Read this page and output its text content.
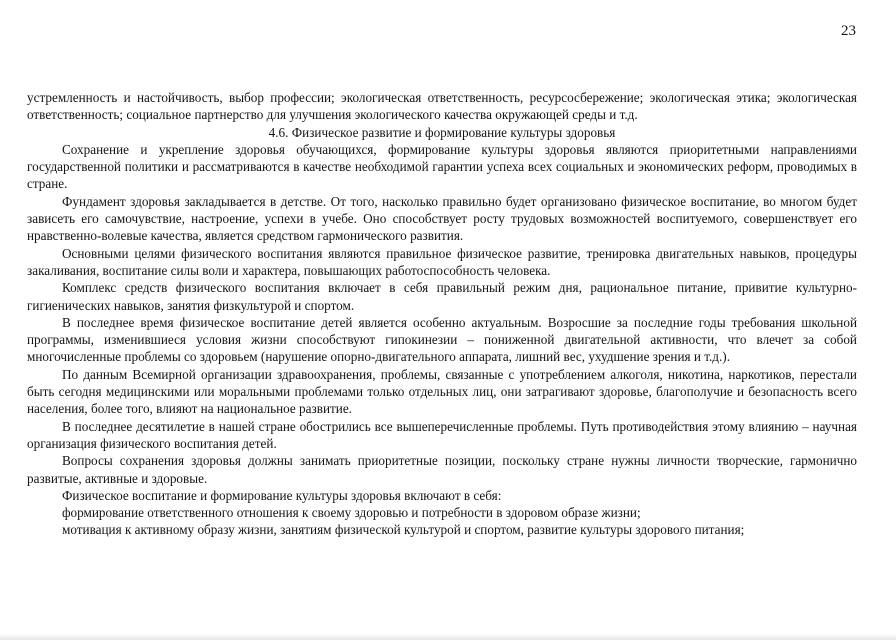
23

устремленность и настойчивость, выбор профессии; экологическая ответственность, ресурсосбережение; экологическая этика; экологическая ответственность; социальное партнерство для улучшения экологического качества окружающей среды и т.д.

4.6. Физическое развитие и формирование культуры здоровья

Сохранение и укрепление здоровья обучающихся, формирование культуры здоровья являются приоритетными направлениями государственной политики и рассматриваются в качестве необходимой гарантии успеха всех социальных и экономических реформ, проводимых в стране.

Фундамент здоровья закладывается в детстве. От того, насколько правильно будет организовано физическое воспитание, во многом будет зависеть его самочувствие, настроение, успехи в учебе. Оно способствует росту трудовых возможностей воспитуемого, совершенствует его нравственно-волевые качества, является средством гармонического развития.

Основными целями физического воспитания являются правильное физическое развитие, тренировка двигательных навыков, процедуры закаливания, воспитание силы воли и характера, повышающих работоспособность человека.

Комплекс средств физического воспитания включает в себя правильный режим дня, рациональное питание, привитие культурно-гигиенических навыков, занятия физкультурой и спортом.

В последнее время физическое воспитание детей является особенно актуальным. Возросшие за последние годы требования школьной программы, изменившиеся условия жизни способствуют гипокинезии – пониженной двигательной активности, что влечет за собой многочисленные проблемы со здоровьем (нарушение опорно-двигательного аппарата, лишний вес, ухудшение зрения и т.д.).

По данным Всемирной организации здравоохранения, проблемы, связанные с употреблением алкоголя, никотина, наркотиков, перестали быть сегодня медицинскими или моральными проблемами только отдельных лиц, они затрагивают здоровье, благополучие и безопасность всего населения, более того, влияют на национальное развитие.

В последнее десятилетие в нашей стране обострились все вышеперечисленные проблемы. Путь противодействия этому влиянию – научная организация физического воспитания детей.

Вопросы сохранения здоровья должны занимать приоритетные позиции, поскольку стране нужны личности творческие, гармонично развитые, активные и здоровые.

Физическое воспитание и формирование культуры здоровья включают в себя:

формирование ответственного отношения к своему здоровью и потребности в здоровом образе жизни;

мотивация к активному образу жизни, занятиям физической культурой и спортом, развитие культуры здорового питания;
